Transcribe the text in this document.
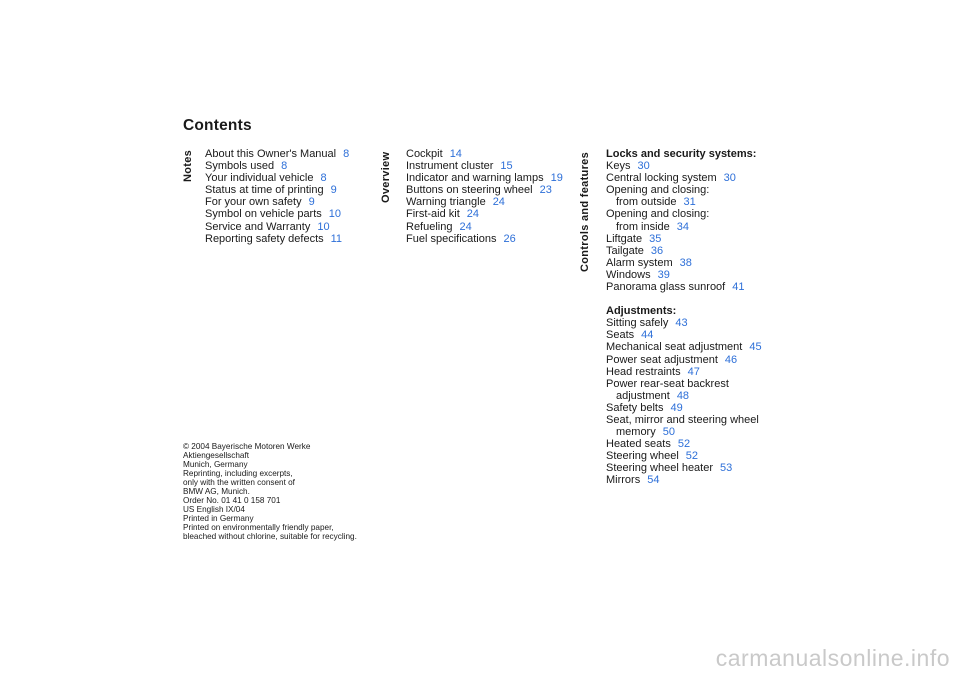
Contents
Notes	Overview	Controls and features
About this Owner's Manual 8
Symbols used 8
Your individual vehicle 8
Status at time of printing 9
For your own safety 9
Symbol on vehicle parts 10
Service and Warranty 10
Reporting safety defects 11
Cockpit 14
Instrument cluster 15
Indicator and warning lamps 19
Buttons on steering wheel 23
Warning triangle 24
First-aid kit 24
Refueling 24
Fuel specifications 26
Locks and security systems:
Keys 30
Central locking system 30
Opening and closing:
from outside 31
Opening and closing:
from inside 34
Liftgate 35
Tailgate 36
Alarm system 38
Windows 39
Panorama glass sunroof 41
Adjustments:
Sitting safely 43
Seats 44
Mechanical seat adjustment 45
Power seat adjustment 46
Head restraints 47
Power rear-seat backrest
adjustment 48
Safety belts 49
Seat, mirror and steering wheel
memory 50
Heated seats 52
Steering wheel 52
Steering wheel heater 53
Mirrors 54
© 2004 Bayerische Motoren Werke
Aktiengesellschaft
Munich, Germany
Reprinting, including excerpts,
only with the written consent of
BMW AG, Munich.
Order No. 01 41 0 158 701
US English IX/04
Printed in Germany
Printed on environmentally friendly paper,
bleached without chlorine, suitable for recycling.
carmanualsonline.info
